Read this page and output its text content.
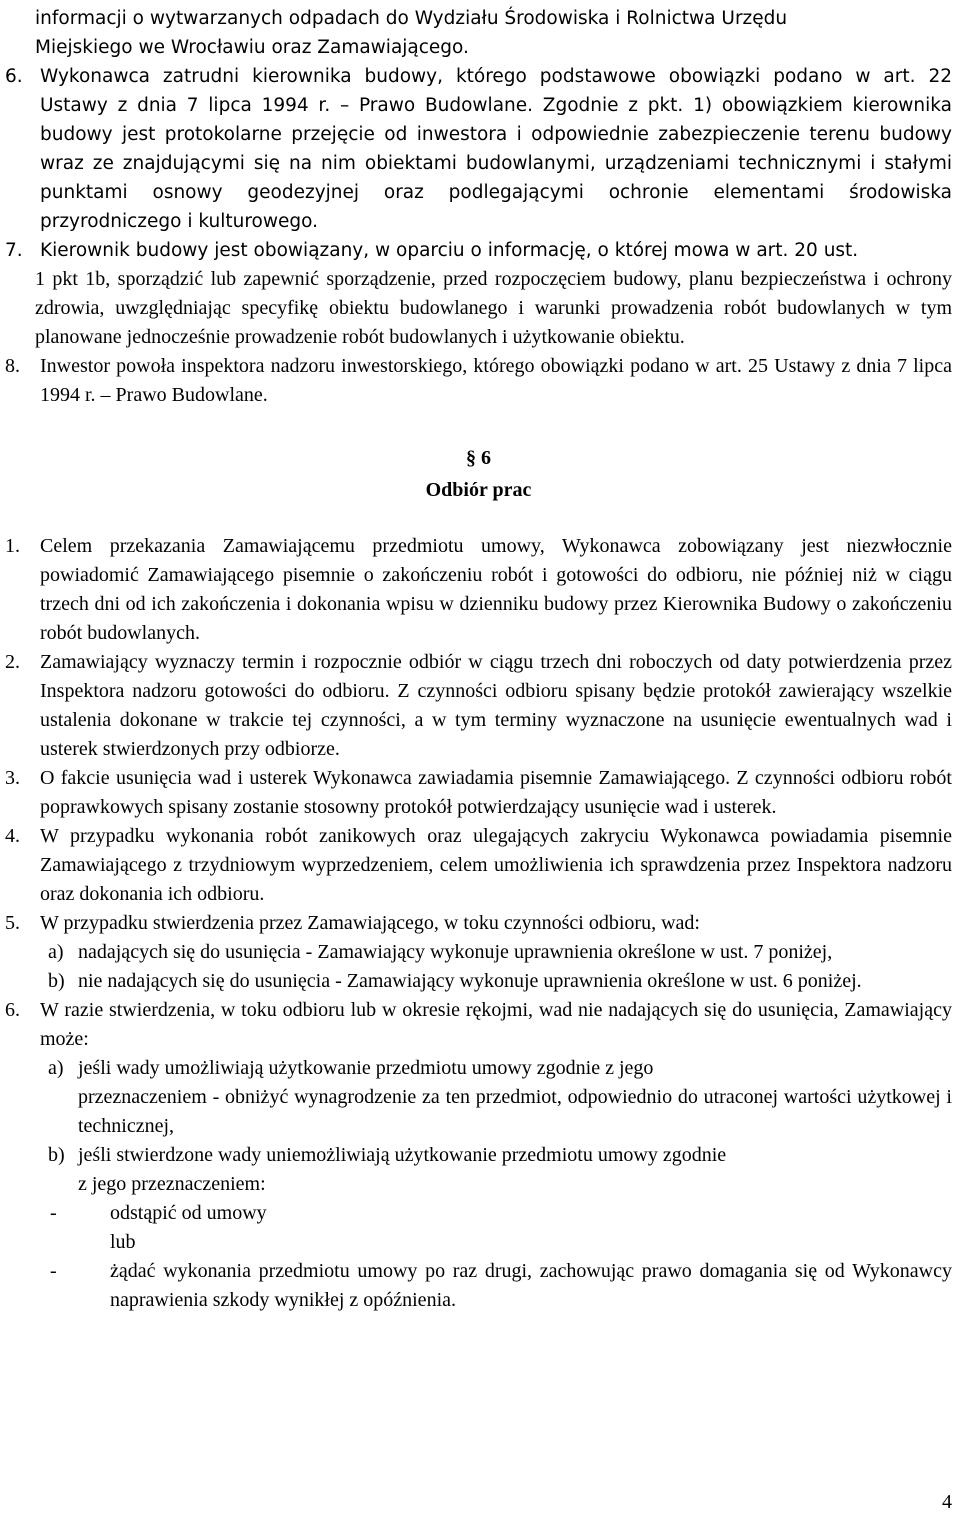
informacji o wytwarzanych odpadach do Wydziału Środowiska i Rolnictwa Urzędu

Miejskiego we Wrocławiu oraz Zamawiającego.

6. Wykonawca zatrudni kierownika budowy, którego podstawowe obowiązki podano w art. 22 Ustawy z dnia 7 lipca 1994 r. – Prawo Budowlane. Zgodnie z pkt. 1) obowiązkiem kierownika budowy jest protokolarne przejęcie od inwestora i odpowiednie zabezpieczenie terenu budowy wraz ze znajdującymi się na nim obiektami budowlanymi, urządzeniami technicznymi i stałymi punktami osnowy geodezyjnej oraz podlegającymi ochronie elementami środowiska przyrodniczego i kulturowego.
7. Kierownik budowy jest obowiązany, w oparciu o informację, o której mowa w art. 20 ust.

1 pkt 1b, sporządzić lub zapewnić sporządzenie, przed rozpoczęciem budowy, planu bezpieczeństwa i ochrony zdrowia, uwzględniając specyfikę obiektu budowlanego i warunki prowadzenia robót budowlanych w tym planowane jednocześnie prowadzenie robót budowlanych i użytkowanie obiektu.

8.	Inwestor powoła inspektora nadzoru inwestorskiego, którego obowiązki podano w art. 25 Ustawy z dnia 7 lipca 1994 r. – Prawo Budowlane.

§ 6

Odbiór prac

1.	Celem przekazania Zamawiającemu przedmiotu umowy, Wykonawca zobowiązany jest niezwłocznie powiadomić Zamawiającego pisemnie o zakończeniu robót i gotowości do odbioru, nie później niż w ciągu trzech dni od ich zakończenia i dokonania wpisu w dzienniku budowy przez Kierownika Budowy o zakończeniu robót budowlanych.
2.	Zamawiający wyznaczy termin i rozpocznie odbiór w ciągu trzech dni roboczych od daty potwierdzenia przez Inspektora nadzoru gotowości do odbioru. Z czynności odbioru spisany będzie protokół zawierający wszelkie ustalenia dokonane w trakcie tej czynności, a w tym terminy wyznaczone na usunięcie ewentualnych wad i usterek stwierdzonych przy odbiorze.
3.	O fakcie usunięcia wad i usterek Wykonawca zawiadamia pisemnie Zamawiającego. Z czynności odbioru robót poprawkowych spisany zostanie stosowny protokół potwierdzający usunięcie wad i usterek.
4.	W przypadku wykonania robót zanikowych oraz ulegających zakryciu Wykonawca powiadamia pisemnie Zamawiającego z trzydniowym wyprzedzeniem, celem umożliwienia ich sprawdzenia przez Inspektora nadzoru oraz dokonania ich odbioru.
5.	W przypadku stwierdzenia przez Zamawiającego, w toku czynności odbioru, wad:
a) nadających się do usunięcia - Zamawiający wykonuje uprawnienia określone w ust. 7 poniżej,
b) nie nadających się do usunięcia - Zamawiający wykonuje uprawnienia określone w ust. 6 poniżej.
6.	W razie stwierdzenia, w toku odbioru lub w okresie rękojmi, wad nie nadających się do usunięcia, Zamawiający może:
a) jeśli wady umożliwiają użytkowanie przedmiotu umowy zgodnie z jego

przeznaczeniem - obniżyć wynagrodzenie za ten przedmiot, odpowiednio do utraconej wartości użytkowej i technicznej,

b) jeśli stwierdzone wady uniemożliwiają użytkowanie przedmiotu umowy zgodnie

z jego przeznaczeniem:

-	odstąpić od umowy

lub

-	żądać wykonania przedmiotu umowy po raz drugi, zachowując prawo domagania się od Wykonawcy naprawienia szkody wynikłej z opóźnienia.
4
